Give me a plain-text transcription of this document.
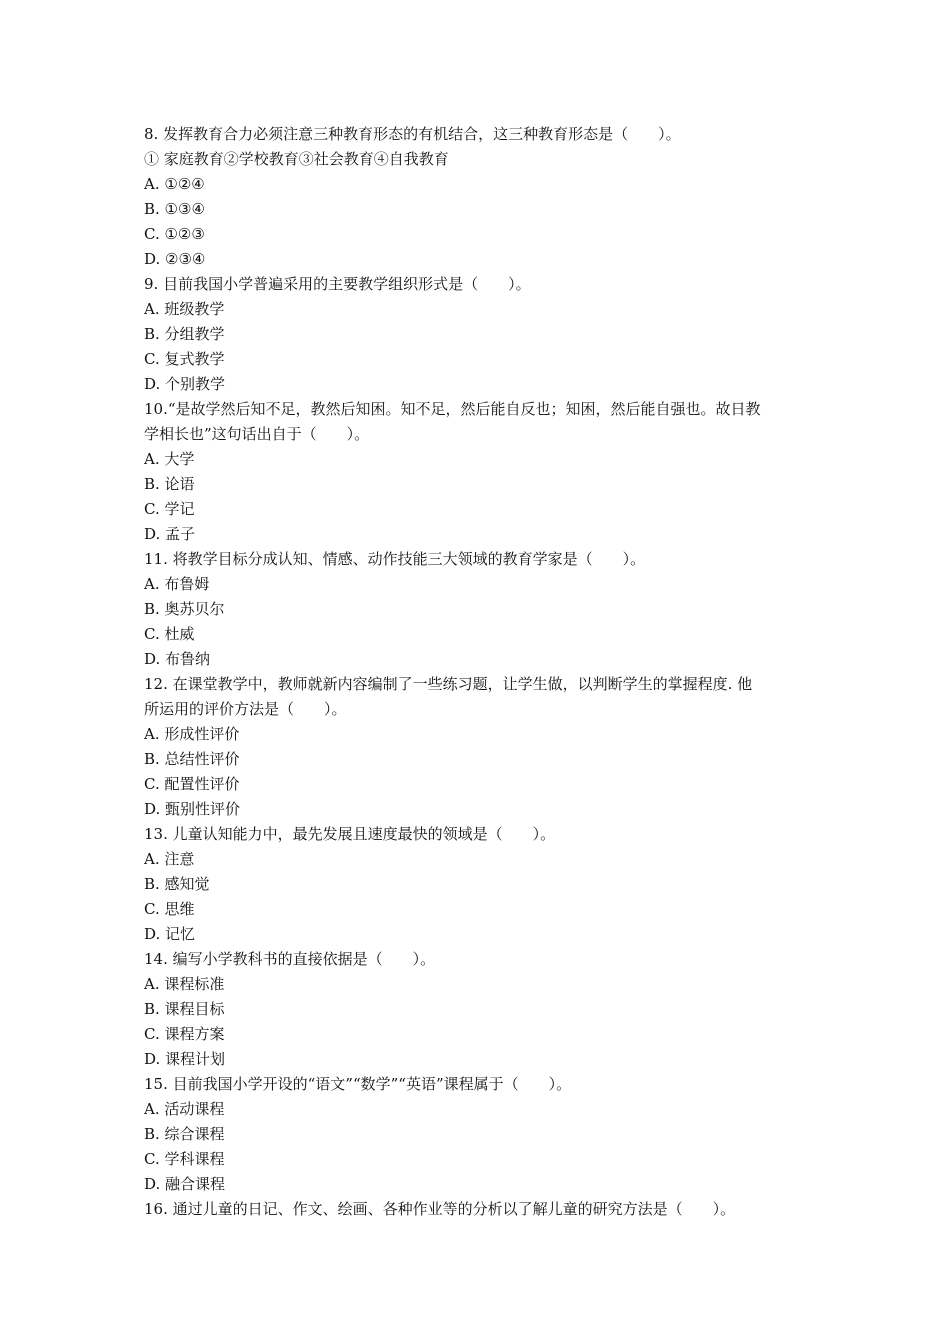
8. 发挥教育合力必须注意三种教育形态的有机结合，这三种教育形态是（　　）。
① 家庭教育②学校教育③社会教育④自我教育
A. ①②④
B. ①③④
C. ①②③
D. ②③④
9. 目前我国小学普遍采用的主要教学组织形式是（　　）。
A. 班级教学
B. 分组教学
C. 复式教学
D. 个别教学
10.“是故学然后知不足，教然后知困。知不足，然后能自反也；知困，然后能自强也。故日教
学相长也”这句话出自于（　　）。
A. 大学
B. 论语
C. 学记
D. 孟子
11. 将教学目标分成认知、情感、动作技能三大领域的教育学家是（　　）。
A. 布鲁姆
B. 奥苏贝尔
C. 杜威
D. 布鲁纳
12. 在课堂教学中，教师就新内容编制了一些练习题，让学生做，以判断学生的掌握程度. 他
所运用的评价方法是（　　）。
A. 形成性评价
B. 总结性评价
C. 配置性评价
D. 甄别性评价
13. 儿童认知能力中，最先发展且速度最快的领域是（　　）。
A. 注意
B. 感知觉
C. 思维
D. 记忆
14. 编写小学教科书的直接依据是（　　）。
A. 课程标准
B. 课程目标
C. 课程方案
D. 课程计划
15. 目前我国小学开设的“语文”“数学”“英语”课程属于（　　）。
A. 活动课程
B. 综合课程
C. 学科课程
D. 融合课程
16. 通过儿童的日记、作文、绘画、各种作业等的分析以了解儿童的研究方法是（　　）。
